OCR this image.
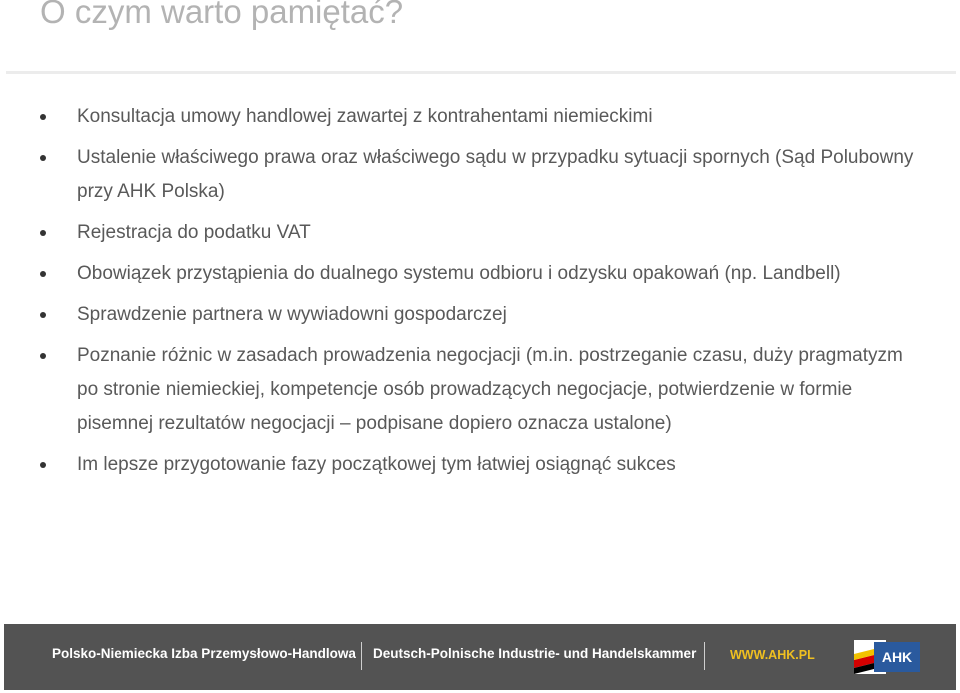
O czym warto pamiętać?
Konsultacja umowy handlowej zawartej z kontrahentami niemieckimi
Ustalenie właściwego prawa oraz właściwego sądu w przypadku sytuacji spornych (Sąd Polubowny przy AHK Polska)
Rejestracja do podatku VAT
Obowiązek przystąpienia do dualnego systemu odbioru i odzysku opakowań (np. Landbell)
Sprawdzenie partnera w wywiadowni gospodarczej
Poznanie różnic w zasadach prowadzenia negocjacji (m.in. postrzeganie czasu, duży pragmatyzm po stronie niemieckiej, kompetencje osób prowadzących negocjacje, potwierdzenie w formie pisemnej rezultatów negocjacji – podpisane dopiero oznacza ustalone)
Im lepsze przygotowanie fazy początkowej tym łatwiej osiągnąć sukces
Polsko-Niemiecka Izba Przemysłowo-Handlowa Deutsch-Polnische Industrie- und Handelskammer	WWW.AHK.PL	AHK
